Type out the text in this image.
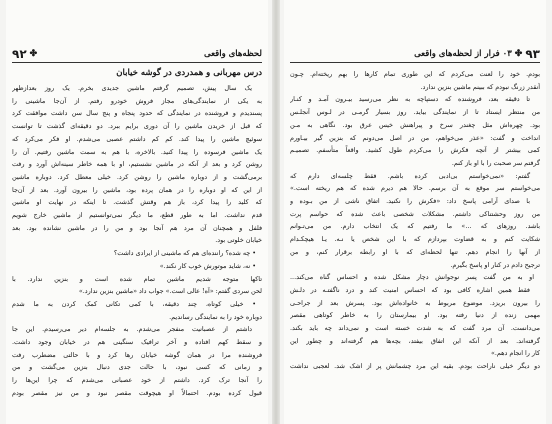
لحظه‌های واقعی
✤
۹۲
درس مهربانی و همدردی در گوشه خیابان
یک سال پیش، تصمیم گرفتم ماشین جدیدی بخرم. یک روز بعدازظهر
به یکی از نمایندگی‌های مجاز فروش خودرو رفتم. از آن‌جا ماشینی را
پسندیدم و فروشنده در نمایندگی که حدود پنجاه و پنج سال سن داشت موافقت کرد
که قبل از خریدن ماشین را آن دوری برایم ببرد. دو دقیقه‌ای گذشت تا توانست
سوئیچ ماشین را پیدا کند. کم کم داشتم عصبی می‌شدم. او فکر می‌کرد که
یک ماشین فرسوده را پیدا کنید. بالاخره، با هم به سمت ماشین رفتیم. آن را
روشن کرد و بعد از آنکه در ماشین نشستیم، او با همه خاطر سینه‌اش آورد و رفت
برمی‌گشت و از دوباره ماشین را روشن کرد. خیلی معطل کرد. دوباره ماشین
از این که او دوباره را در همان پرده بود، ماشین را بیرون آورد. بعد از آن‌جا
که کلید را پیدا کرد، باز هم وقتش گذشت. تا اینکه در نهایت او ماشین
قدم نداشت. اما به طور قطع، ما دیگر نمی‌توانستیم از ماشین خارج شویم
فلفل و همچنان آن مرد هم آنجا بود و من را در ماشین نشانده بود. بعد
خیابان خلوتی بود.
• چه شده؟ راننده‌ای هم که ماشینی از ایرادی داشت؟
• نه، شاید موتورش خوب کار نکند.»
تاکها متوجه شدیم ماشین تمام شده است و بنزین ندارد. با
لحن سردی گفتم: «آه! عالی است.» جواب داد «ماشین بنزین ندارد.»
• خیلی کوتاه، چند دقیقه، با کمی تکانی کمک کردن به ما شدم
دوباره خود را به نمایندگی رساندیم.
داشتم از عصبانیت منفجر می‌شدم. به جلسه‌ام دیر می‌رسیدم. این جا
و سقط کهم افتاده و آخر ترافیک سنگینی هم در خیابان وجود داشت.
فروشنده مرا در همان گوشه خیابان رها کرد و با حالتی مضطرب رفت
و زمانی که کسی نبود، با حالت جدی دنبال بنزین می‌گشت و من
را آنجا ترک کرد. داشتم از خود عصبانی می‌شدم که چرا این‌ها را
قبول کرده بودم. احتمالاً او هیچوقت مقصر نبود و من نیز مقصر بودم
۹۳
✤
۰۳ فرار از لحظه‌های واقعی
بودم. خود را لعنت می‌کردم که این طوری تمام کارها را بهم ریخته‌ام. چـون
آنقدر زرنگ نبودم که ببینم ماشین بنزین ندارد.
تا دقیقه بعد، فروشنده که دستپاچه به نظر می‌رسید بیـرون آمـد و کنـار
من منتظر ایستاد تا از نمایندگی بیاید. روز بسیار گرمـی در لـوس آنجلـس
بود. چهره‌اش مثل چغندر سرخ و پیراهنش خیس عرق بود. نگاهی به مـن
انداخت و گفت: «عذر می‌خواهم، من در اصل می‌دونم که بنزین گیر بیـاورم
کمی بیشتر از آنچه فکرش را می‌کردم طول کشید. واقعاً متأسفم. تصمیـم
گرفتم سر صحبت را با او باز کنم.
گفتم: «نمی‌خواستم بی‌ادبی کرده باشم. فقط چلسه‌ای دارم که
می‌خواستم سر موقع به آن برسم. حالا هم دیرم شده که هم ریخته است.»
با صدای آرامی پاسخ داد: «فکرش را نکنید. اتفاق ناشی از من بـوده و
من روز وحشتناکی داشتم. مشکلات شخصی باعث شده که حواسم پرت
باشد. روزهای که ...» ما رفتیم که یک انتخاب دارم. من می‌تـوانم
شکایت کنم و به قضاوت بپردازم که با این شخص یا نـه. یـا هیچکـدام
از آنها را انجام دهم. تنها لحظه‌ای که با او رابطه برقرار کنم، و من
ترجیح دادم در کنار او پاسخ بگیرم.
او به من گفت پسر نوجوانش دچار مشکل شده و احساس گناه می‌کند...
فقط همین اشاره کافی بود که احساس امنیت کند و درد ناگفتـه در دلـش
را بیرون بریزد. موضوع مربوط به خانواده‌اش بود. پسرش بعد از جراحـی
مهمی زنده از دنیا رفته بود. او بیمارستان را به خاطر کوتاهی مقصر
می‌دانست. آن مرد گفت که به شدت خسته است و نمی‌داند چه باید بکند.
گرفته‌اند. بعد از آنکه این اتفاق بیفتد، بچه‌ها هم گرفته‌اند و چطور این
کار را انجام دهم.»
دو دیگر خیلی ناراحت بودم. بقیه این مرد چشمانش پر از اشک شد. لعجبی نداشت
